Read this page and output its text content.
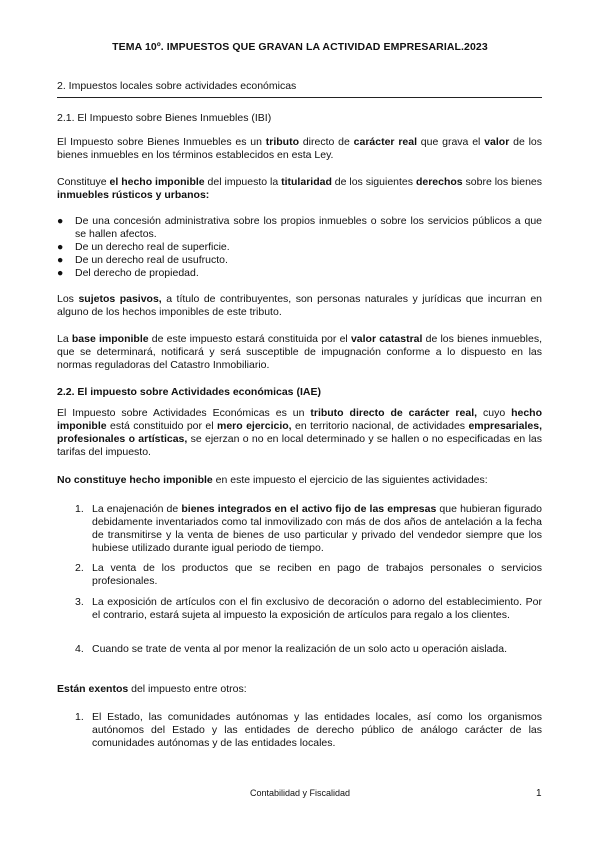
TEMA 10º. IMPUESTOS QUE GRAVAN LA ACTIVIDAD EMPRESARIAL.2023
2. Impuestos locales sobre actividades económicas
2.1. El Impuesto sobre Bienes Inmuebles (IBI)
El Impuesto sobre Bienes Inmuebles es un tributo directo de carácter real que grava el valor de los bienes inmuebles en los términos establecidos en esta Ley.
Constituye el hecho imponible del impuesto la titularidad de los siguientes derechos sobre los bienes inmuebles rústicos y urbanos:
●	De una concesión administrativa sobre los propios inmuebles o sobre los servicios públicos a que se hallen afectos.
●	De un derecho real de superficie.
●	De un derecho real de usufructo.
●	Del derecho de propiedad.
Los sujetos pasivos, a título de contribuyentes, son personas naturales y jurídicas que incurran en alguno de los hechos imponibles de este tributo.
La base imponible de este impuesto estará constituida por el valor catastral de los bienes inmuebles, que se determinará, notificará y será susceptible de impugnación conforme a lo dispuesto en las normas reguladoras del Catastro Inmobiliario.
2.2. El impuesto sobre Actividades económicas (IAE)
El Impuesto sobre Actividades Económicas es un tributo directo de carácter real, cuyo hecho imponible está constituido por el mero ejercicio, en territorio nacional, de actividades empresariales, profesionales o artísticas, se ejerzan o no en local determinado y se hallen o no especificadas en las tarifas del impuesto.
No constituye hecho imponible en este impuesto el ejercicio de las siguientes actividades:
1. La enajenación de bienes integrados en el activo fijo de las empresas que hubieran figurado debidamente inventariados como tal inmovilizado con más de dos años de antelación a la fecha de transmitirse y la venta de bienes de uso particular y privado del vendedor siempre que los hubiese utilizado durante igual periodo de tiempo.
2. La venta de los productos que se reciben en pago de trabajos personales o servicios profesionales.
3. La exposición de artículos con el fin exclusivo de decoración o adorno del establecimiento. Por el contrario, estará sujeta al impuesto la exposición de artículos para regalo a los clientes.
4. Cuando se trate de venta al por menor la realización de un solo acto u operación aislada.
Están exentos del impuesto entre otros:
1. El Estado, las comunidades autónomas y las entidades locales, así como los organismos autónomos del Estado y las entidades de derecho público de análogo carácter de las comunidades autónomas y de las entidades locales.
Contabilidad y Fiscalidad	1
